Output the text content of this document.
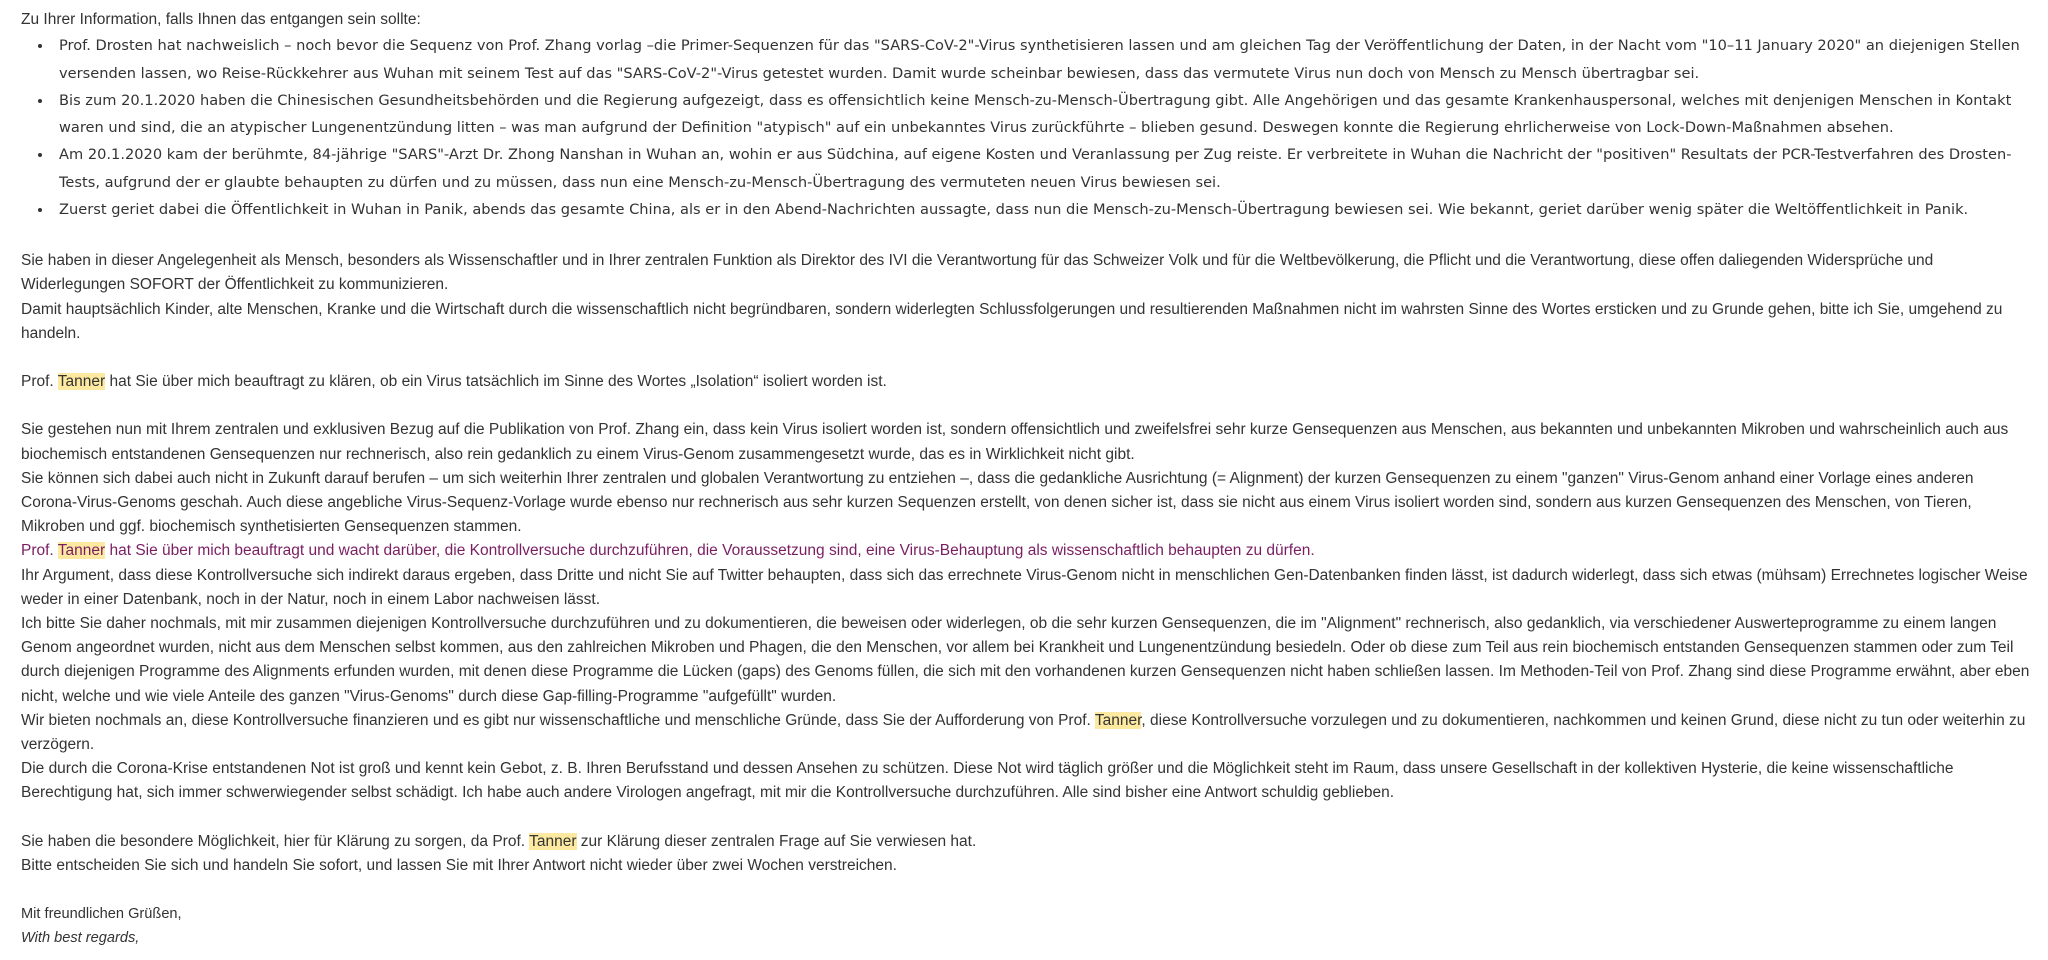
Zu Ihrer Information, falls Ihnen das entgangen sein sollte:

• Prof. Drosten hat nachweislich – noch bevor die Sequenz von Prof. Zhang vorlag –die Primer-Sequenzen für das "SARS-CoV-2"-Virus synthetisieren lassen und am gleichen Tag der Veröffentlichung der Daten, in der Nacht vom "10–11 January 2020" an diejenigen Stellen versenden lassen, wo Reise-Rückkehrer aus Wuhan mit seinem Test auf das "SARS-CoV-2"-Virus getestet wurden. Damit wurde scheinbar bewiesen, dass das vermutete Virus nun doch von Mensch zu Mensch übertragbar sei.
• Bis zum 20.1.2020 haben die Chinesischen Gesundheitsbehörden und die Regierung aufgezeigt, dass es offensichtlich keine Mensch-zu-Mensch-Übertragung gibt. Alle Angehörigen und das gesamte Krankenhauspersonal, welches mit denjenigen Menschen in Kontakt waren und sind, die an atypischer Lungenentzündung litten – was man aufgrund der Definition "atypisch" auf ein unbekanntes Virus zurückführte – blieben gesund. Deswegen konnte die Regierung ehrlicherweise von Lock-Down-Maßnahmen absehen.
• Am 20.1.2020 kam der berühmte, 84-jährige "SARS"-Arzt Dr. Zhong Nanshan in Wuhan an, wohin er aus Südchina, auf eigene Kosten und Veranlassung per Zug reiste. Er verbreitete in Wuhan die Nachricht der "positiven" Resultats der PCR-Testverfahren des Drosten-Tests, aufgrund der er glaubte behaupten zu dürfen und zu müssen, dass nun eine Mensch-zu-Mensch-Übertragung des vermuteten neuen Virus bewiesen sei.
• Zuerst geriet dabei die Öffentlichkeit in Wuhan in Panik, abends das gesamte China, als er in den Abend-Nachrichten aussagte, dass nun die Mensch-zu-Mensch-Übertragung bewiesen sei. Wie bekannt, geriet darüber wenig später die Weltöffentlichkeit in Panik.
Sie haben in dieser Angelegenheit als Mensch, besonders als Wissenschaftler und in Ihrer zentralen Funktion als Direktor des IVI die Verantwortung für das Schweizer Volk und für die Weltbevölkerung, die Pflicht und die Verantwortung, diese offen daliegenden Widersprüche und Widerlegungen SOFORT der Öffentlichkeit zu kommunizieren.
Damit hauptsächlich Kinder, alte Menschen, Kranke und die Wirtschaft durch die wissenschaftlich nicht begründbaren, sondern widerlegten Schlussfolgerungen und resultierenden Maßnahmen nicht im wahrsten Sinne des Wortes ersticken und zu Grunde gehen, bitte ich Sie, umgehend zu handeln.
Prof. Tanner hat Sie über mich beauftragt zu klären, ob ein Virus tatsächlich im Sinne des Wortes „Isolation“ isoliert worden ist.
Sie gestehen nun mit Ihrem zentralen und exklusiven Bezug auf die Publikation von Prof. Zhang ein, dass kein Virus isoliert worden ist, sondern offensichtlich und zweifelsfrei sehr kurze Gensequenzen aus Menschen, aus bekannten und unbekannten Mikroben und wahrscheinlich auch aus biochemisch entstandenen Gensequenzen nur rechnerisch, also rein gedanklich zu einem Virus-Genom zusammengesetzt wurde, das es in Wirklichkeit nicht gibt.
Sie können sich dabei auch nicht in Zukunft darauf berufen – um sich weiterhin Ihrer zentralen und globalen Verantwortung zu entziehen –, dass die gedankliche Ausrichtung (= Alignment) der kurzen Gensequenzen zu einem "ganzen" Virus-Genom anhand einer Vorlage eines anderen Corona-Virus-Genoms geschah. Auch diese angebliche Virus-Sequenz-Vorlage wurde ebenso nur rechnerisch aus sehr kurzen Sequenzen erstellt, von denen sicher ist, dass sie nicht aus einem Virus isoliert worden sind, sondern aus kurzen Gensequenzen des Menschen, von Tieren, Mikroben und ggf. biochemisch synthetisierten Gensequenzen stammen.
Prof. Tanner hat Sie über mich beauftragt und wacht darüber, die Kontrollversuche durchzuführen, die Voraussetzung sind, eine Virus-Behauptung als wissenschaftlich behaupten zu dürfen.
Ihr Argument, dass diese Kontrollversuche sich indirekt daraus ergeben, dass Dritte und nicht Sie auf Twitter behaupten, dass sich das errechnete Virus-Genom nicht in menschlichen Gen-Datenbanken finden lässt, ist dadurch widerlegt, dass sich etwas (mühsam) Errechnetes logischer Weise weder in einer Datenbank, noch in der Natur, noch in einem Labor nachweisen lässt.
Ich bitte Sie daher nochmals, mit mir zusammen diejenigen Kontrollversuche durchzuführen und zu dokumentieren, die beweisen oder widerlegen, ob die sehr kurzen Gensequenzen, die im "Alignment" rechnerisch, also gedanklich, via verschiedener Auswerteprogramme zu einem langen Genom angeordnet wurden, nicht aus dem Menschen selbst kommen, aus den zahlreichen Mikroben und Phagen, die den Menschen, vor allem bei Krankheit und Lungenentzündung besiedeln. Oder ob diese zum Teil aus rein biochemisch entstanden Gensequenzen stammen oder zum Teil durch diejenigen Programme des Alignments erfunden wurden, mit denen diese Programme die Lücken (gaps) des Genoms füllen, die sich mit den vorhandenen kurzen Gensequenzen nicht haben schließen lassen. Im Methoden-Teil von Prof. Zhang sind diese Programme erwähnt, aber eben nicht, welche und wie viele Anteile des ganzen "Virus-Genoms" durch diese Gap-filling-Programme "aufgefüllt" wurden.
Wir bieten nochmals an, diese Kontrollversuche finanzieren und es gibt nur wissenschaftliche und menschliche Gründe, dass Sie der Aufforderung von Prof. Tanner, diese Kontrollversuche vorzulegen und zu dokumentieren, nachkommen und keinen Grund, diese nicht zu tun oder weiterhin zu verzögern.
Die durch die Corona-Krise entstandenen Not ist groß und kennt kein Gebot, z. B. Ihren Berufsstand und dessen Ansehen zu schützen. Diese Not wird täglich größer und die Möglichkeit steht im Raum, dass unsere Gesellschaft in der kollektiven Hysterie, die keine wissenschaftliche Berechtigung hat, sich immer schwerwiegender selbst schädigt. Ich habe auch andere Virologen angefragt, mit mir die Kontrollversuche durchzuführen. Alle sind bisher eine Antwort schuldig geblieben.
Sie haben die besondere Möglichkeit, hier für Klärung zu sorgen, da Prof. Tanner zur Klärung dieser zentralen Frage auf Sie verwiesen hat.
Bitte entscheiden Sie sich und handeln Sie sofort, und lassen Sie mit Ihrer Antwort nicht wieder über zwei Wochen verstreichen.

Mit freundlichen Grüßen,

With best regards,
